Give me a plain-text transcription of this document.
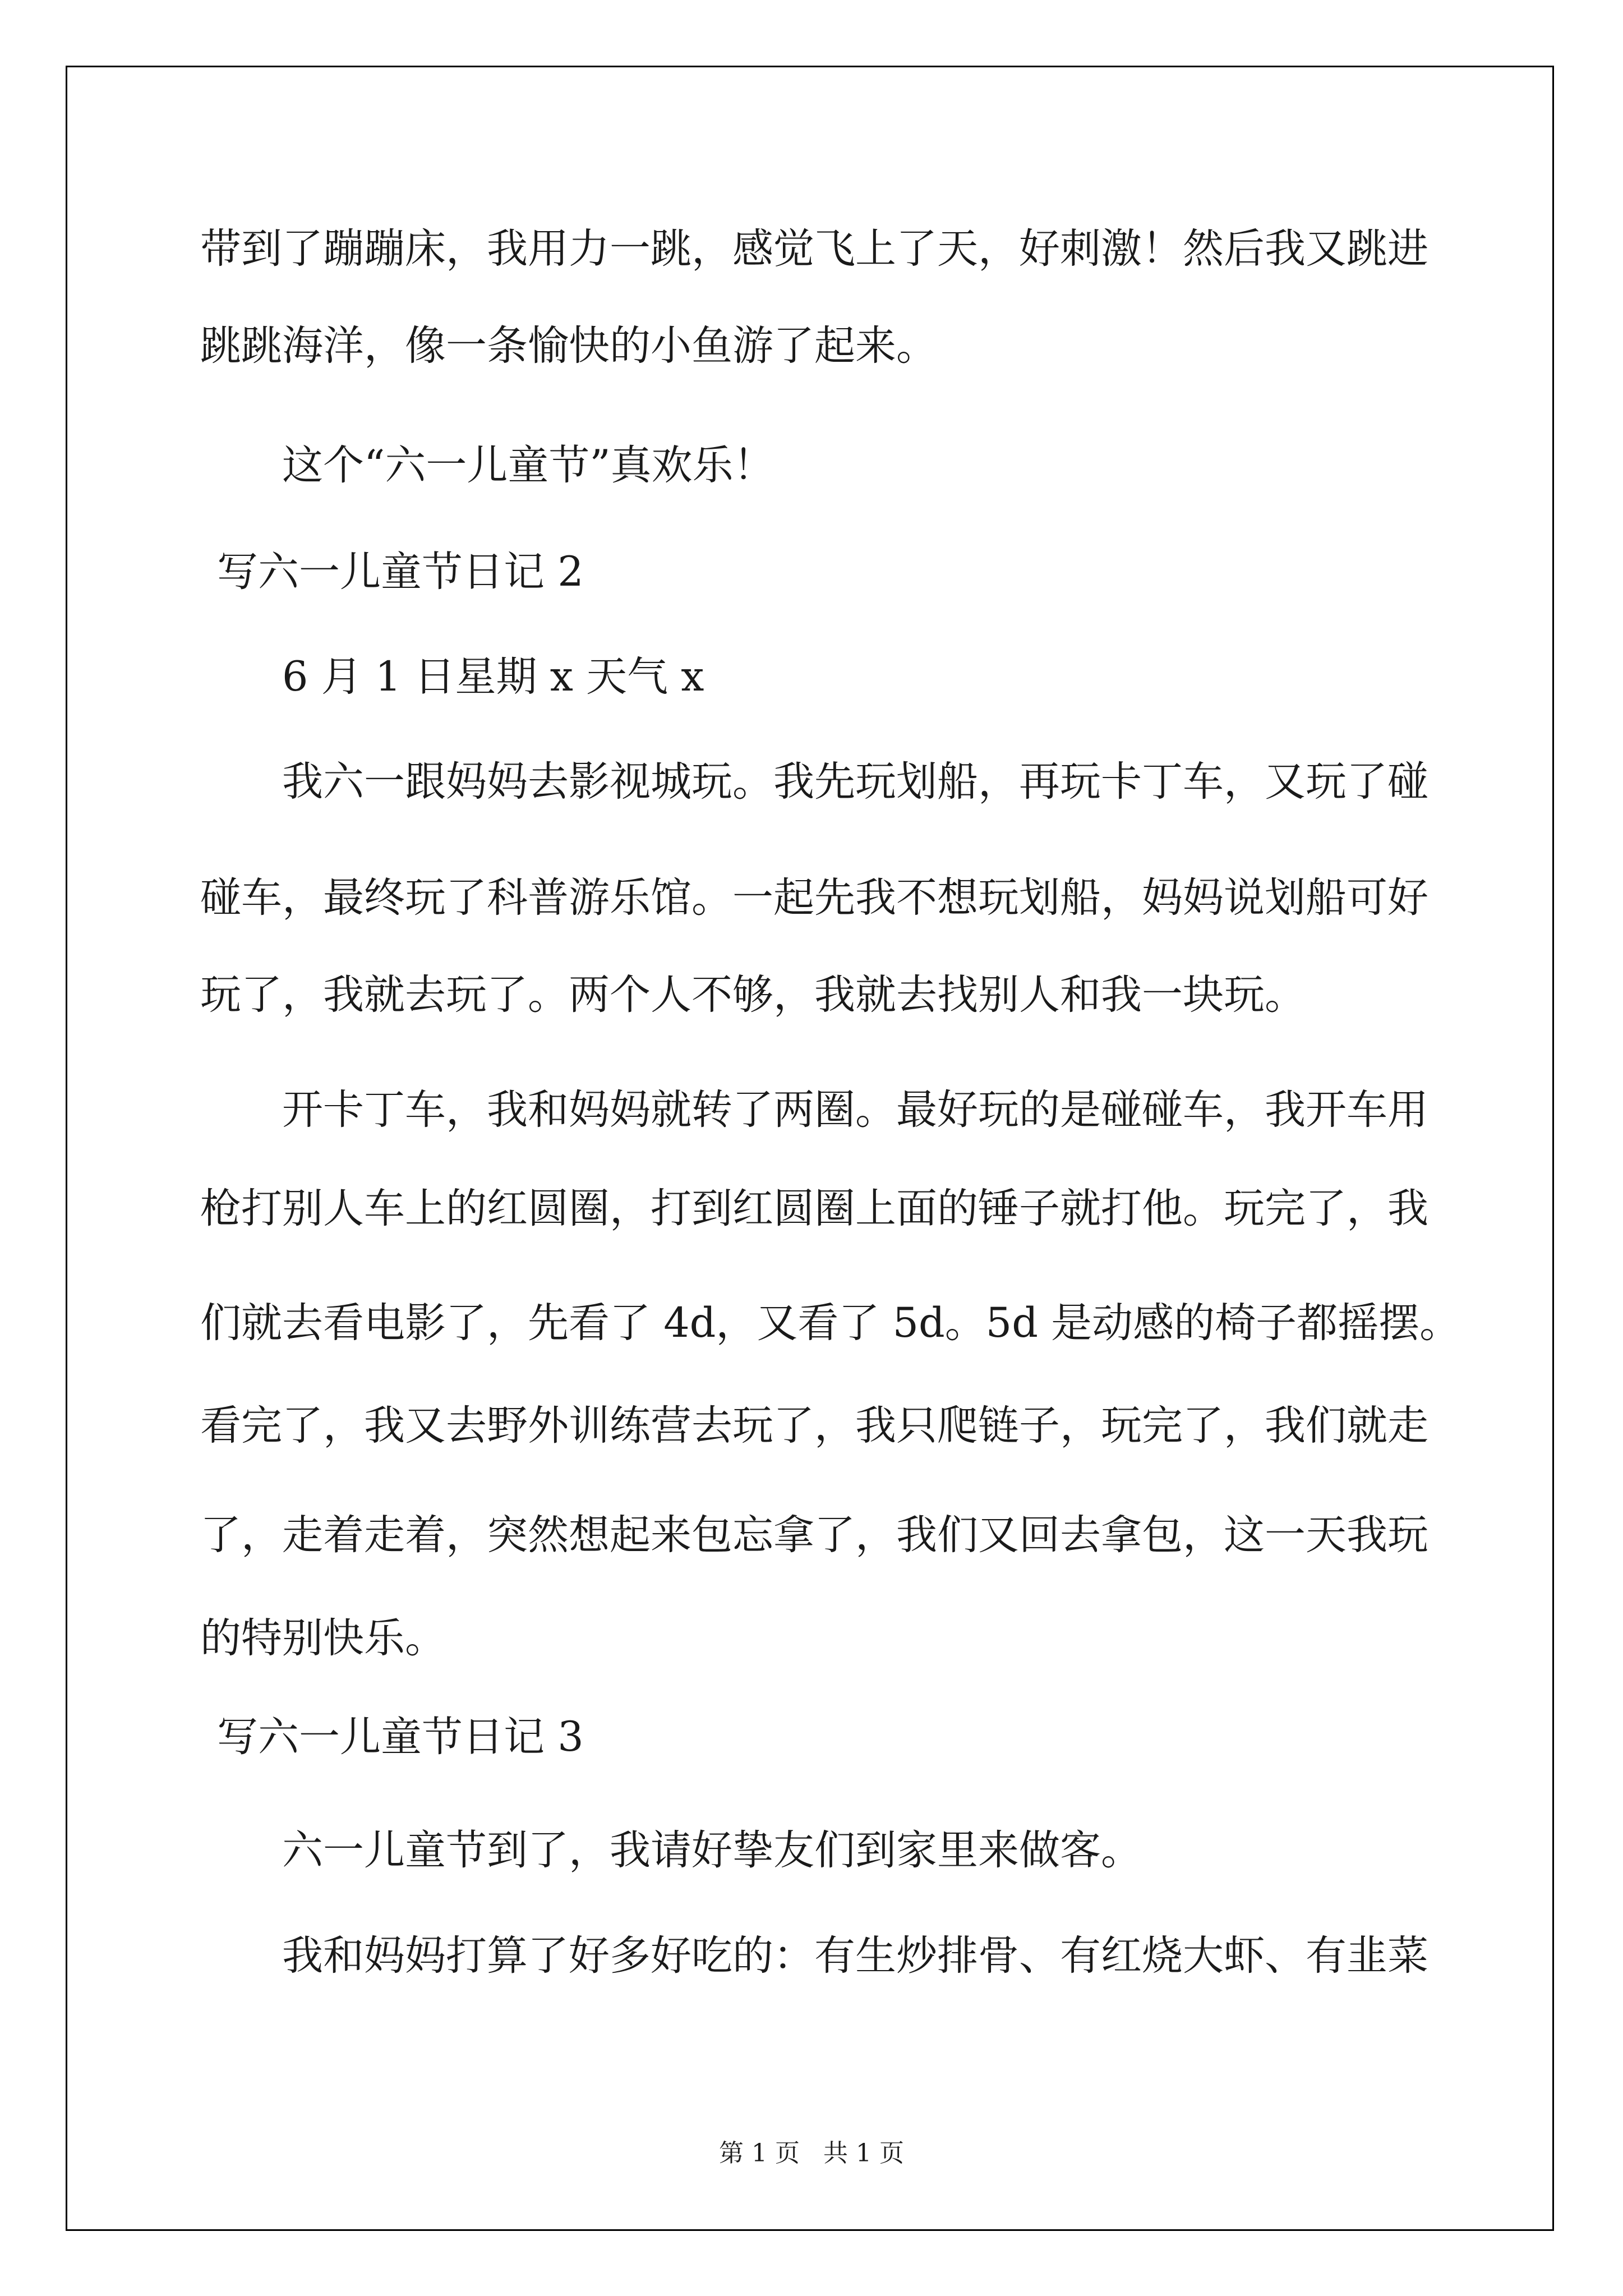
带到了蹦蹦床，我用力一跳，感觉飞上了天，好刺激！然后我又跳进
跳跳海洋，像一条愉快的小鱼游了起来。
这个“六一儿童节”真欢乐！
写六一儿童节日记 2
6 月 1 日星期 x 天气 x
我六一跟妈妈去影视城玩。我先玩划船，再玩卡丁车，又玩了碰
碰车，最终玩了科普游乐馆。一起先我不想玩划船，妈妈说划船可好
玩了，我就去玩了。两个人不够，我就去找别人和我一块玩。
开卡丁车，我和妈妈就转了两圈。最好玩的是碰碰车，我开车用
枪打别人车上的红圆圈，打到红圆圈上面的锤子就打他。玩完了，我
们就去看电影了，先看了 4d，又看了 5d。5d 是动感的椅子都摇摆。
看完了，我又去野外训练营去玩了，我只爬链子，玩完了，我们就走
了，走着走着，突然想起来包忘拿了，我们又回去拿包，这一天我玩
的特别快乐。
写六一儿童节日记 3
六一儿童节到了，我请好挚友们到家里来做客。
我和妈妈打算了好多好吃的：有生炒排骨、有红烧大虾、有韭菜
第 1 页 共 1 页
